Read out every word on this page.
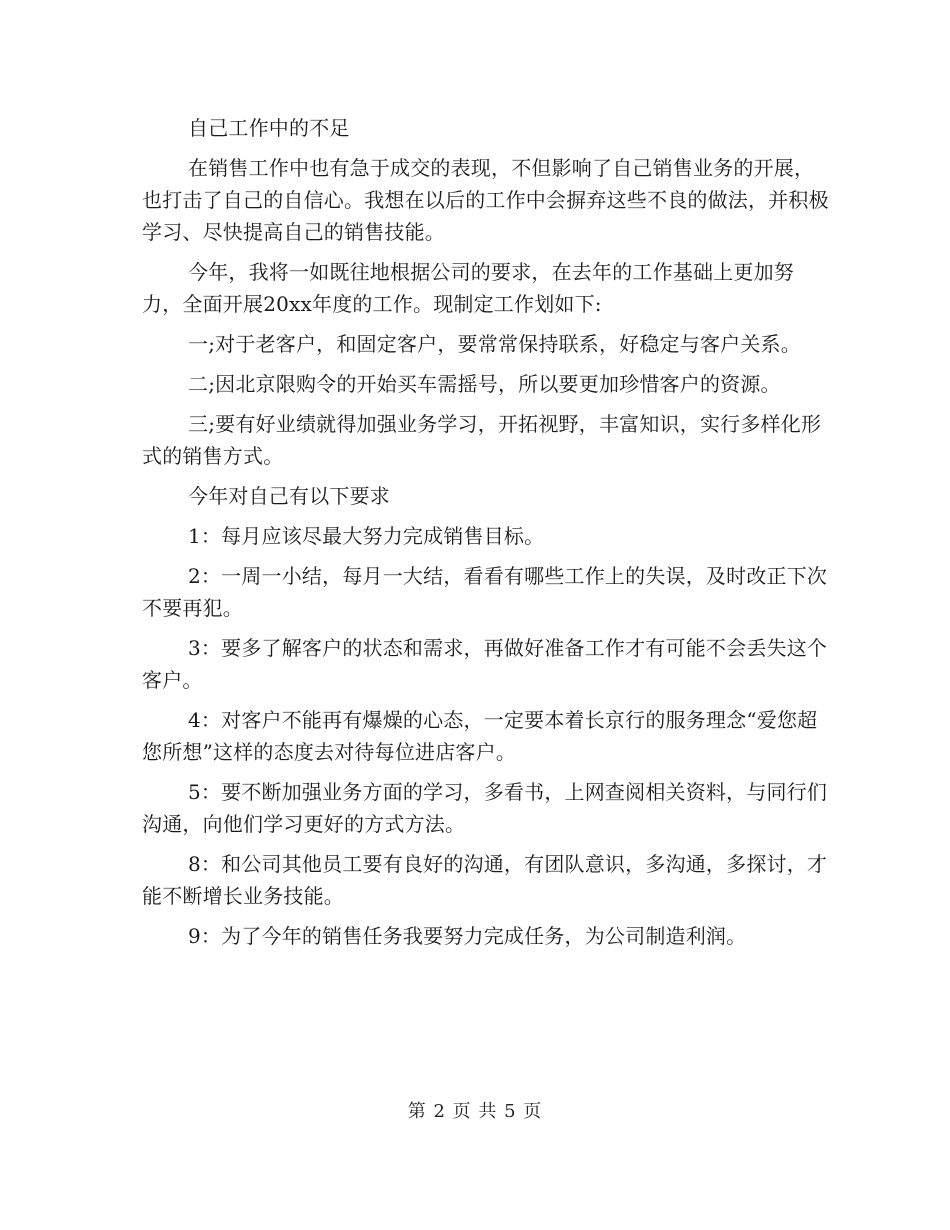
自己工作中的不足

在销售工作中也有急于成交的表现，不但影响了自己销售业务的开展，也打击了自己的自信心。我想在以后的工作中会摒弃这些不良的做法，并积极学习、尽快提高自己的销售技能。

今年，我将一如既往地根据公司的要求，在去年的工作基础上更加努力，全面开展20xx年度的工作。现制定工作划如下:

一;对于老客户，和固定客户，要常常保持联系，好稳定与客户关系。

二;因北京限购令的开始买车需摇号，所以要更加珍惜客户的资源。

三;要有好业绩就得加强业务学习，开拓视野，丰富知识，实行多样化形式的销售方式。

今年对自己有以下要求

1：每月应该尽最大努力完成销售目标。

2：一周一小结，每月一大结，看看有哪些工作上的失误，及时改正下次不要再犯。

3：要多了解客户的状态和需求，再做好准备工作才有可能不会丢失这个客户。

4：对客户不能再有爆燥的心态，一定要本着长京行的服务理念“爱您超您所想”这样的态度去对待每位进店客户。

5：要不断加强业务方面的学习，多看书，上网查阅相关资料，与同行们沟通，向他们学习更好的方式方法。

8：和公司其他员工要有良好的沟通，有团队意识，多沟通，多探讨，才能不断增长业务技能。

9：为了今年的销售任务我要努力完成任务，为公司制造利润。

第 2 页 共 5 页
